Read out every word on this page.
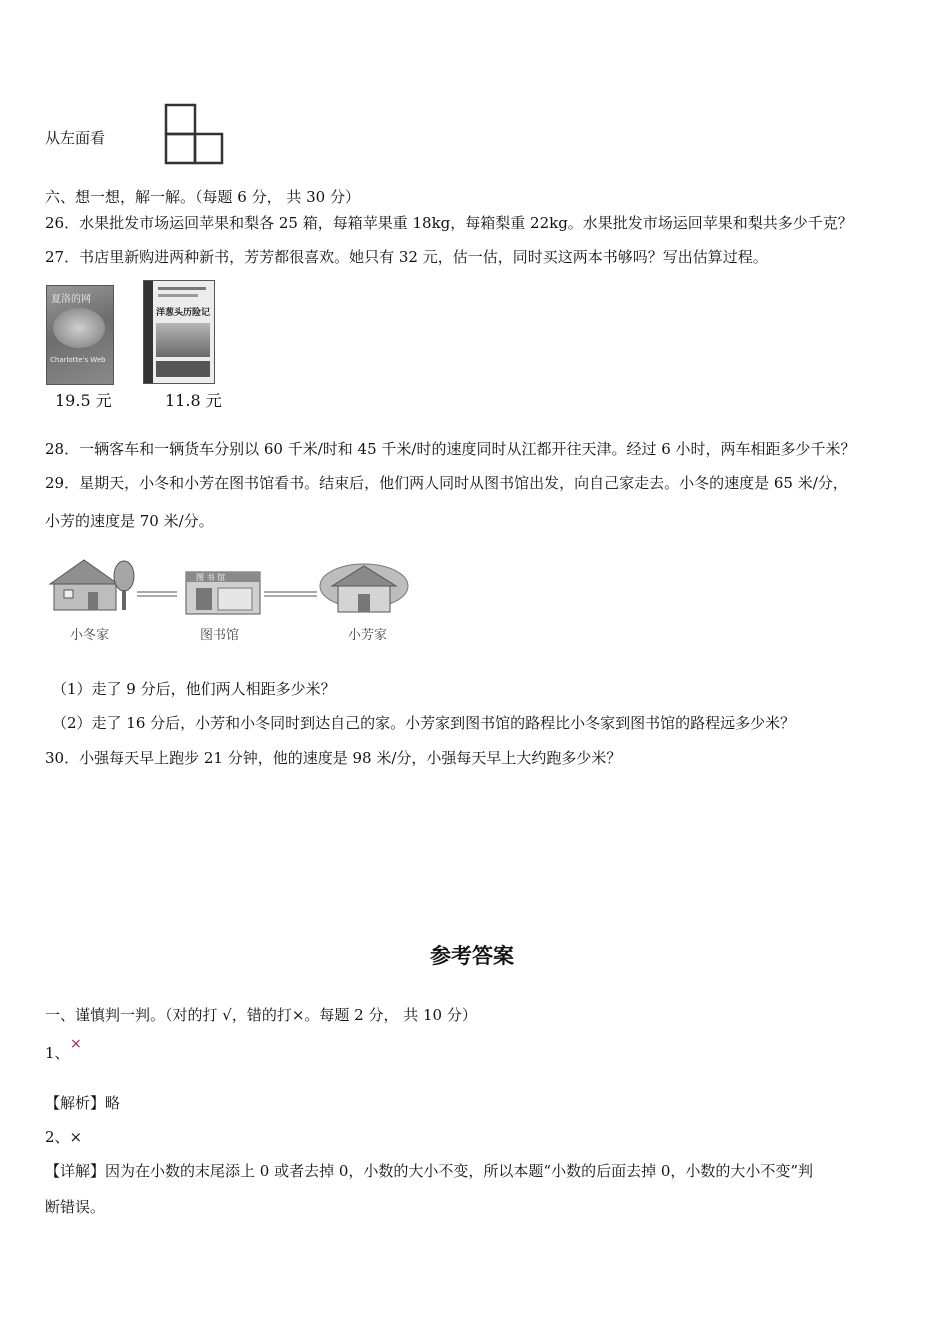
从左面看
六、想一想，解一解。（每题 6 分， 共 30 分）
26．水果批发市场运回苹果和梨各 25 箱，每箱苹果重 18kg，每箱梨重 22kg。水果批发市场运回苹果和梨共多少千克？
27．书店里新购进两种新书，芳芳都很喜欢。她只有 32 元，估一估，同时买这两本书够吗？写出估算过程。
夏洛的网
Charlotte's Web
19.5 元
洋葱头历险记
11.8 元
28．一辆客车和一辆货车分别以 60 千米/时和 45 千米/时的速度同时从江都开往天津。经过 6 小时，两车相距多少千米？
29．星期天，小冬和小芳在图书馆看书。结束后，他们两人同时从图书馆出发，向自己家走去。小冬的速度是 65 米/分，
小芳的速度是 70 米/分。
图 书 馆
小冬家	图书馆	小芳家
（1）走了 9 分后，他们两人相距多少米？
（2）走了 16 分后，小芳和小冬同时到达自己的家。小芳家到图书馆的路程比小冬家到图书馆的路程远多少米？
30．小强每天早上跑步 21 分钟，他的速度是 98 米/分，小强每天早上大约跑多少米？
参考答案
一、谨慎判一判。（对的打 √，错的打×。每题 2 分， 共 10 分）
1、 ×
【解析】略
2、×
【详解】因为在小数的末尾添上 0 或者去掉 0，小数的大小不变，所以本题“小数的后面去掉 0，小数的大小不变”判
断错误。
